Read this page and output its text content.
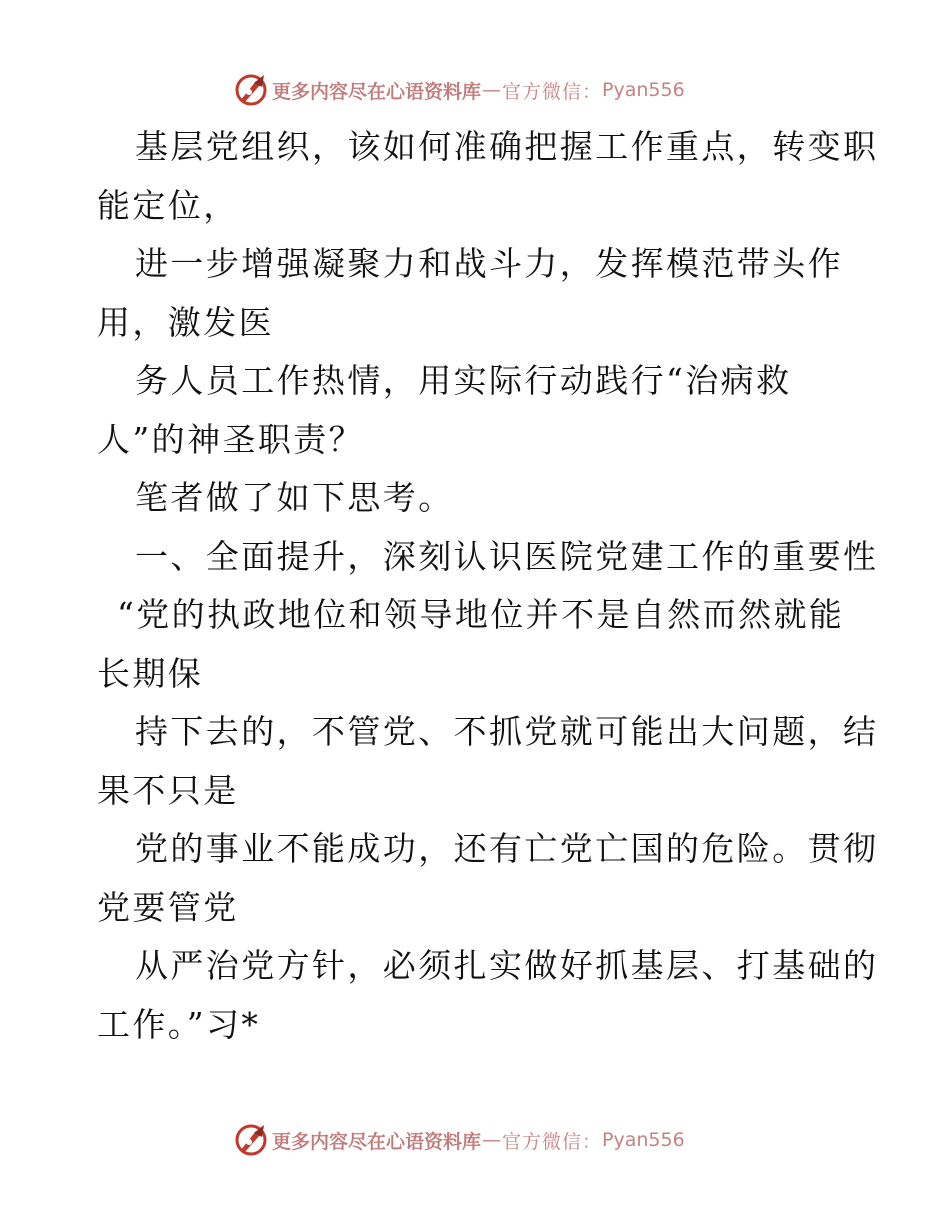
更多内容尽在心语资料库 — 官方微信： Pyan556
基层党组织，该如何准确把握工作重点，转变职
能定位，
进一步增强凝聚力和战斗力，发挥模范带头作
用，激发医
务人员工作热情，用实际行动践行“治病救
人”的神圣职责？
笔者做了如下思考。
一、全面提升，深刻认识医院党建工作的重要性
“党的执政地位和领导地位并不是自然而然就能
长期保
持下去的，不管党、不抓党就可能出大问题，结
果不只是
党的事业不能成功，还有亡党亡国的危险。贯彻
党要管党
从严治党方针，必须扎实做好抓基层、打基础的
工作。”习*
更多内容尽在心语资料库 — 官方微信： Pyan556
